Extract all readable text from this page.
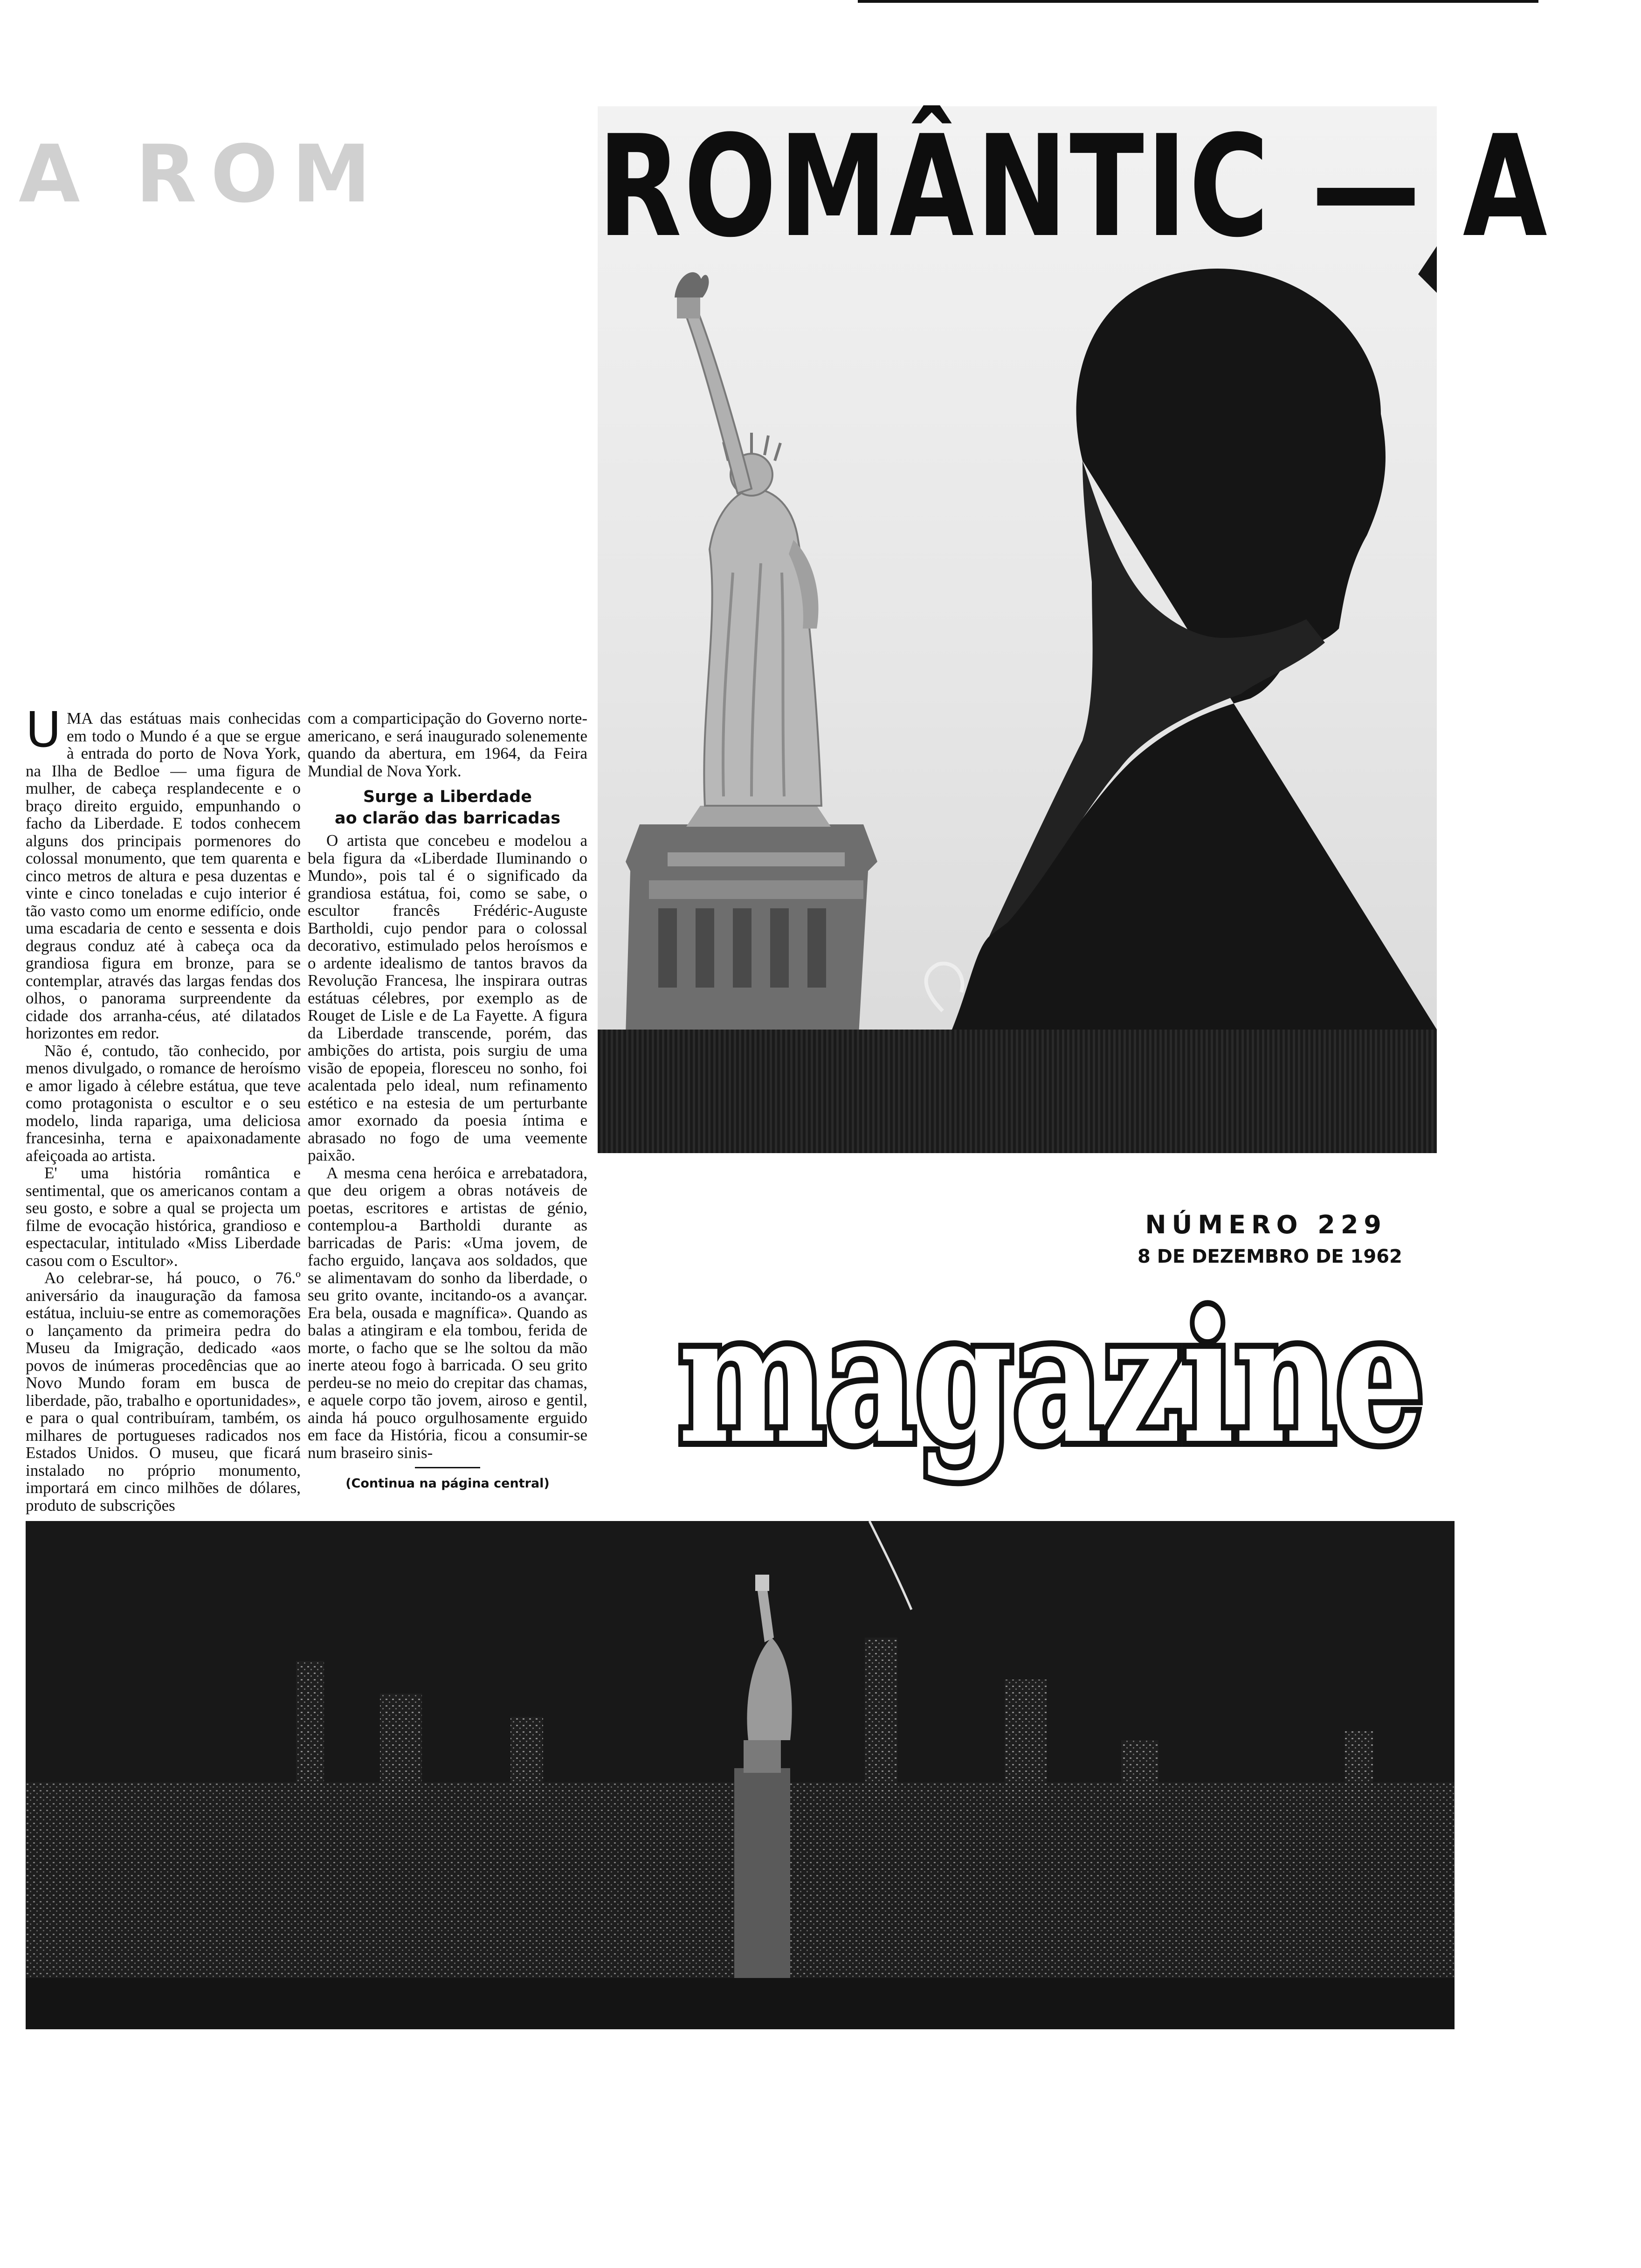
A ROM	ROMÂNTIC — A

UMA das estátuas mais conhecidas em todo o Mundo é a que se ergue à entrada do porto de Nova York, na Ilha de Bedloe — uma figura de mulher, de cabeça resplandecente e o braço direito erguido, empunhando o facho da Liberdade. E todos conhecem alguns dos principais pormenores do colossal monumento, que tem quarenta e cinco metros de altura e pesa duzentas e vinte e cinco toneladas e cujo interior é tão vasto como um enorme edifício, onde uma escadaria de cento e sessenta e dois degraus conduz até à cabeça oca da grandiosa figura em bronze, para se contemplar, através das largas fendas dos olhos, o panorama surpreendente da cidade dos arranha-céus, até dilatados horizontes em redor.

Não é, contudo, tão conhecido, por menos divulgado, o romance de heroísmo e amor ligado à célebre estátua, que teve como protagonista o escultor e o seu modelo, linda rapariga, uma deliciosa francesinha, terna e apaixonadamente afeiçoada ao artista.

E' uma história romântica e sentimental, que os americanos contam a seu gosto, e sobre a qual se projecta um filme de evocação histórica, grandioso e espectacular, intitulado «Miss Liberdade casou com o Escultor».

Ao celebrar-se, há pouco, o 76.º aniversário da inauguração da famosa estátua, incluiu-se entre as comemorações o lançamento da primeira pedra do Museu da Imigração, dedicado «aos povos de inúmeras procedências que ao Novo Mundo foram em busca de liberdade, pão, trabalho e oportunidades», e para o qual contribuíram, também, os milhares de portugueses radicados nos Estados Unidos. O museu, que ficará instalado no próprio monumento, importará em cinco milhões de dólares, produto de subscrições

com a comparticipação do Governo norte-americano, e será inaugurado solenemente quando da abertura, em 1964, da Feira Mundial de Nova York.

Surge a Liberdade
ao clarão das barricadas

O artista que concebeu e modelou a bela figura da «Liberdade Iluminando o Mundo», pois tal é o significado da grandiosa estátua, foi, como se sabe, o escultor francês Frédéric-Auguste Bartholdi, cujo pendor para o colossal decorativo, estimulado pelos heroísmos e o ardente idealismo de tantos bravos da Revolução Francesa, lhe inspirara outras estátuas célebres, por exemplo as de Rouget de Lisle e de La Fayette. A figura da Liberdade transcende, porém, das ambições do artista, pois surgiu de uma visão de epopeia, floresceu no sonho, foi acalentada pelo ideal, num refinamento estético e na estesia de um perturbante amor exornado da poesia íntima e abrasado no fogo de uma veemente paixão.

A mesma cena heróica e arrebatadora, que deu origem a obras notáveis de poetas, escritores e artistas de génio, contemplou-a Bartholdi durante as barricadas de Paris: «Uma jovem, de facho erguido, lançava aos soldados, que se alimentavam do sonho da liberdade, o seu grito ovante, incitando-os a avançar. Era bela, ousada e magnífica». Quando as balas a atingiram e ela tombou, ferida de morte, o facho que se lhe soltou da mão inerte ateou fogo à barricada. O seu grito perdeu-se no meio do crepitar das chamas, e aquele corpo tão jovem, airoso e gentil, ainda há pouco orgulhosamente erguido em face da História, ficou a consumir-se num braseiro sinis-

(Continua na página central)
NÚMERO 229
8 DE DEZEMBRO DE 1962
magazine
